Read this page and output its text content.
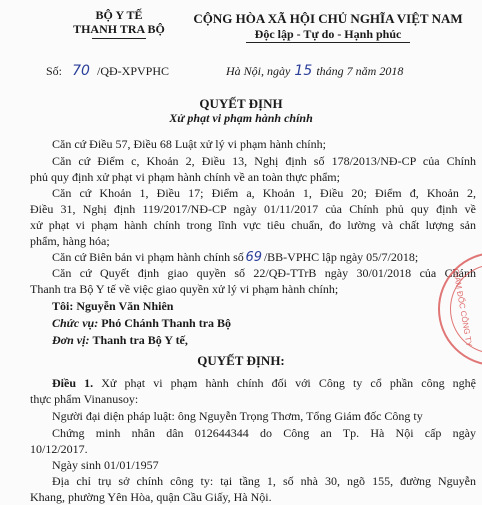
BỘ Y TẾ
THANH TRA BỘ
CỘNG HÒA XÃ HỘI CHỦ NGHĨA VIỆT NAM
Độc lập - Tự do - Hạnh phúc
Số: 70 /QĐ-XPVPHC	Hà Nội, ngày 15 tháng 7 năm 2018
QUYẾT ĐỊNH
Xử phạt vi phạm hành chính
Căn cứ Điều 57, Điều 68 Luật xử lý vi phạm hành chính;
Căn cứ Điểm c, Khoản 2, Điều 13, Nghị định số 178/2013/NĐ-CP của Chính
phủ quy định xử phạt vi phạm hành chính về an toàn thực phẩm;
Căn cứ Khoản 1, Điều 17; Điểm a, Khoản 1, Điều 20; Điểm đ, Khoản 2,
Điều 31, Nghị định 119/2017/NĐ-CP ngày 01/11/2017 của Chính phủ quy định về
xử phạt vi phạm hành chính trong lĩnh vực tiêu chuẩn, đo lường và chất lượng sản
phẩm, hàng hóa;
Căn cứ Biên bản vi phạm hành chính số 69 /BB-VPHC lập ngày 05/7/2018;
Căn cứ Quyết định giao quyền số 22/QĐ-TTrB ngày 30/01/2018 của Chánh
Thanh tra Bộ Y tế về việc giao quyền xử lý vi phạm hành chính;
Tôi: Nguyễn Văn Nhiên
Chức vụ: Phó Chánh Thanh tra Bộ
Đơn vị: Thanh tra Bộ Y tế,
QUYẾT ĐỊNH:
Điều 1. Xử phạt vi phạm hành chính đối với Công ty cổ phần công nghệ
thực phẩm Vinanusoy:
Người đại diện pháp luật: ông Nguyễn Trọng Thơm, Tổng Giám đốc Công ty
Chứng minh nhân dân 012644344 do Công an Tp. Hà Nội cấp ngày
10/12/2017.
Ngày sinh 01/01/1957
Địa chỉ trụ sở chính công ty: tại tầng 1, số nhà 30, ngõ 155, đường Nguyễn
Khang, phường Yên Hòa, quận Cầu Giấy, Hà Nội.
GIÁM ĐỐC CÔNG TY
